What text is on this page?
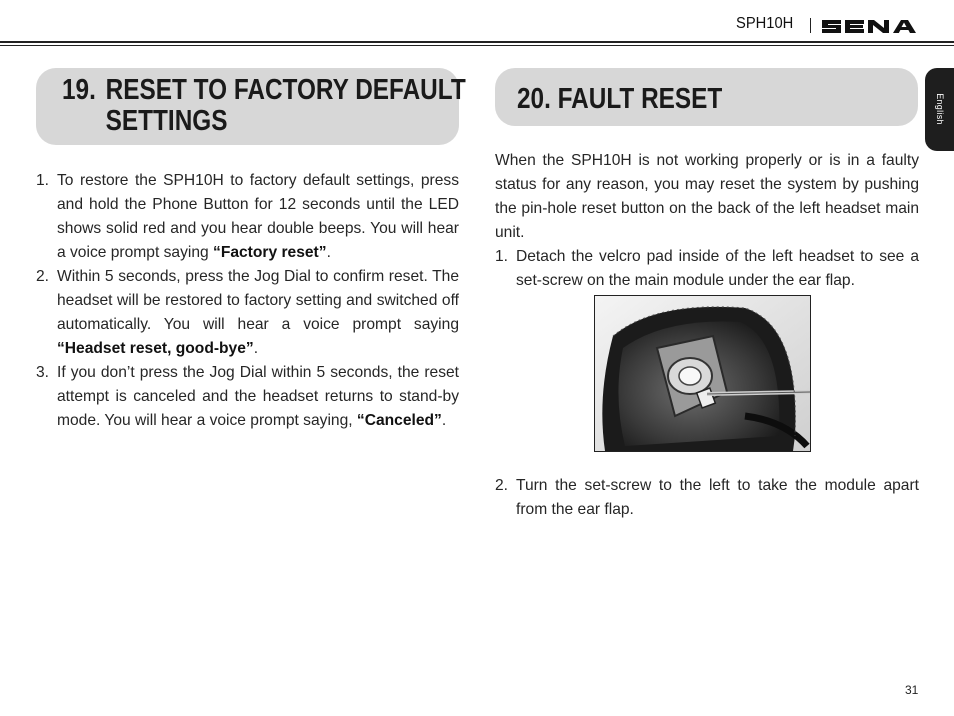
SPH10H
English
19. RESET TO FACTORY DEFAULT
SETTINGS
1. To restore the SPH10H to factory default settings, press and hold the Phone Button for 12 seconds until the LED shows solid red and you hear double beeps. You will hear a voice prompt saying “Factory reset”.
2. Within 5 seconds, press the Jog Dial to confirm reset. The headset will be restored to factory setting and switched off automatically. You will hear a voice prompt saying “Headset reset, good-bye”.
3. If you don’t press the Jog Dial within 5 seconds, the reset attempt is canceled and the headset returns to stand-by mode. You will hear a voice prompt saying, “Canceled”.
20. FAULT RESET

When the SPH10H is not working properly or is in a faulty status for any reason, you may reset the system by pushing the pin-hole reset button on the back of the left headset main unit.

1. Detach the velcro pad inside of the left headset to see a set-screw on the main module under the ear flap.
2. Turn the set-screw to the left to take the module apart from the ear flap.
31
